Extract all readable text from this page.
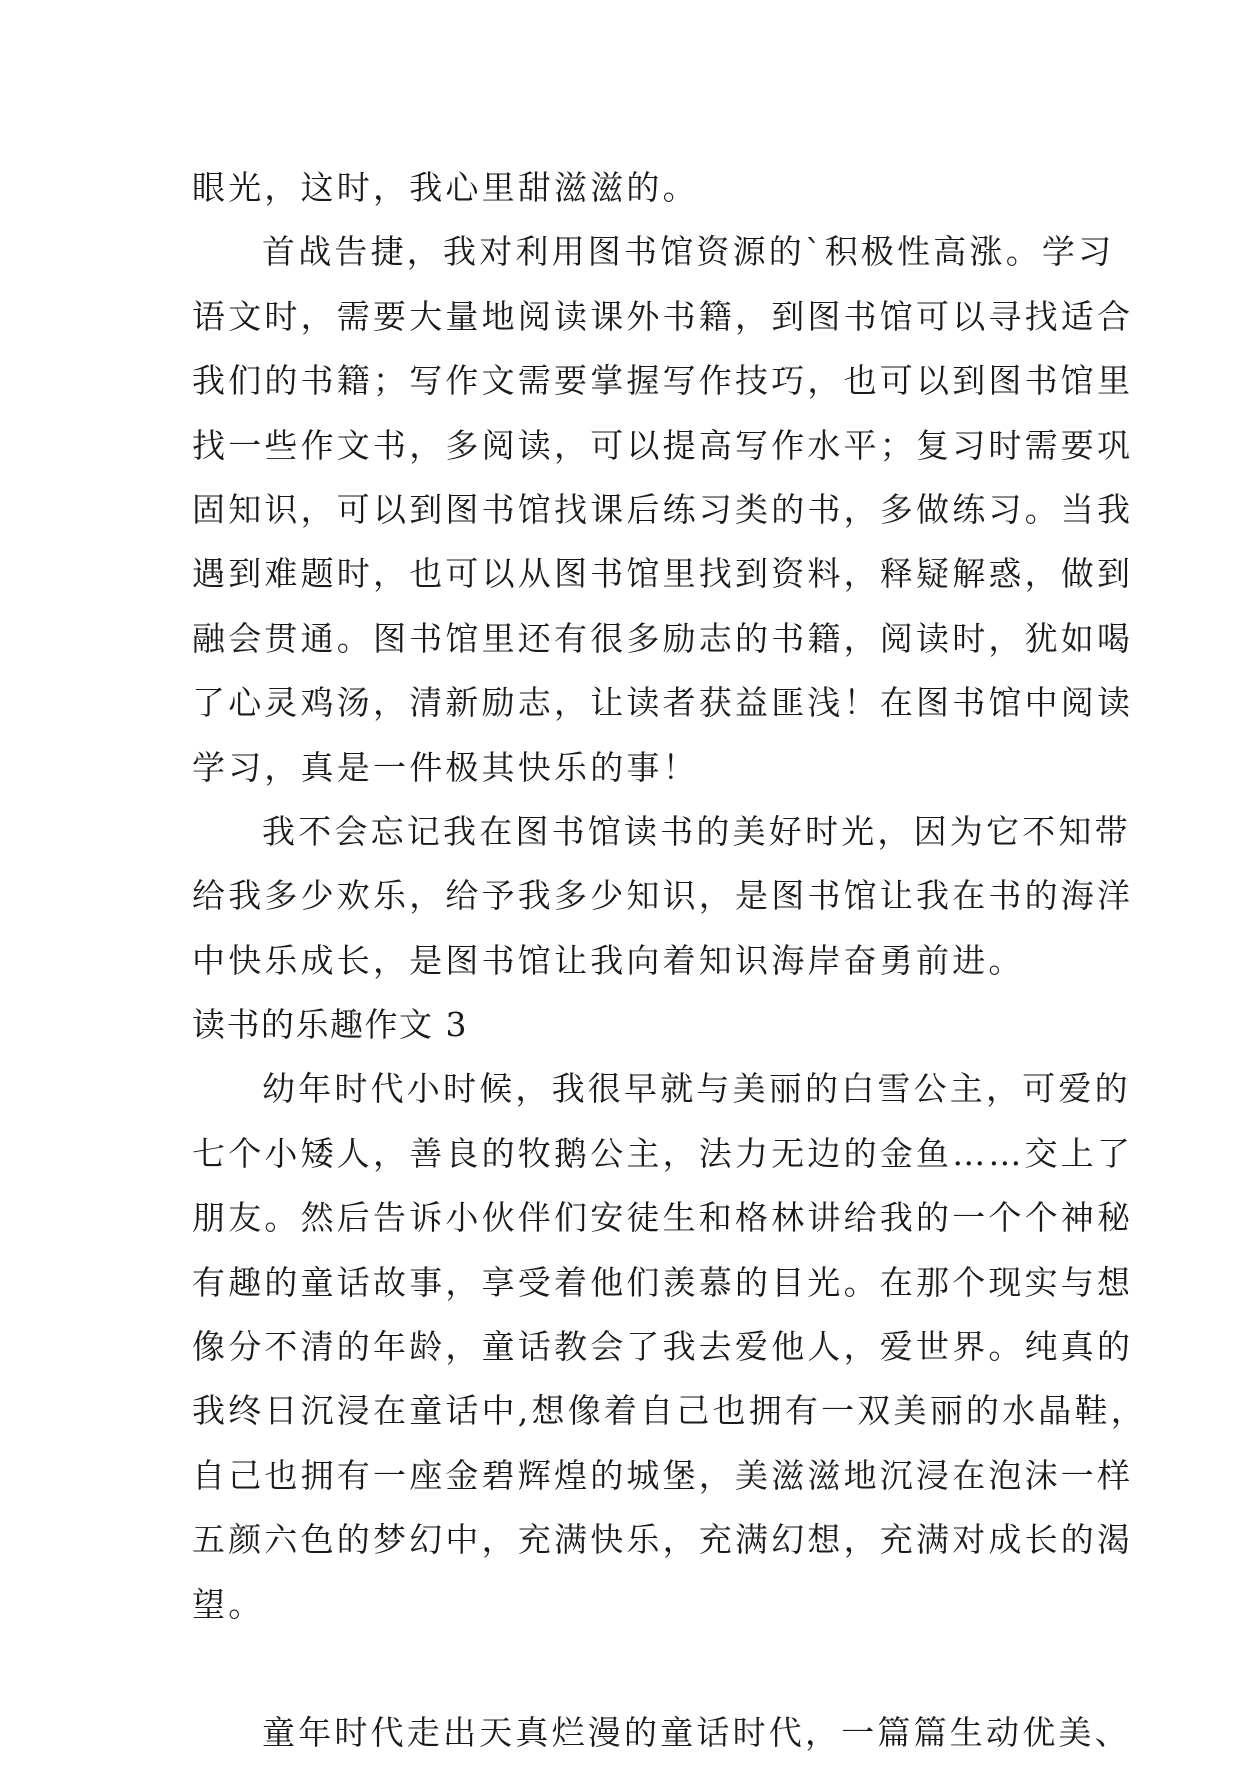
眼光，这时，我心里甜滋滋的。
首战告捷，我对利用图书馆资源的`积极性高涨。学习
语文时，需要大量地阅读课外书籍，到图书馆可以寻找适合
我们的书籍；写作文需要掌握写作技巧，也可以到图书馆里
找一些作文书，多阅读，可以提高写作水平；复习时需要巩
固知识，可以到图书馆找课后练习类的书，多做练习。当我
遇到难题时，也可以从图书馆里找到资料，释疑解惑，做到
融会贯通。图书馆里还有很多励志的书籍，阅读时，犹如喝
了心灵鸡汤，清新励志，让读者获益匪浅！在图书馆中阅读
学习，真是一件极其快乐的事！
我不会忘记我在图书馆读书的美好时光，因为它不知带
给我多少欢乐，给予我多少知识，是图书馆让我在书的海洋
中快乐成长，是图书馆让我向着知识海岸奋勇前进。
读书的乐趣作文 3
幼年时代小时候，我很早就与美丽的白雪公主，可爱的
七个小矮人，善良的牧鹅公主，法力无边的金鱼……交上了
朋友。然后告诉小伙伴们安徒生和格林讲给我的一个个神秘
有趣的童话故事，享受着他们羡慕的目光。在那个现实与想
像分不清的年龄，童话教会了我去爱他人，爱世界。纯真的
我终日沉浸在童话中,想像着自己也拥有一双美丽的水晶鞋，
自己也拥有一座金碧辉煌的城堡，美滋滋地沉浸在泡沫一样
五颜六色的梦幻中，充满快乐，充满幻想，充满对成长的渴
望。
童年时代走出天真烂漫的童话时代，一篇篇生动优美、
